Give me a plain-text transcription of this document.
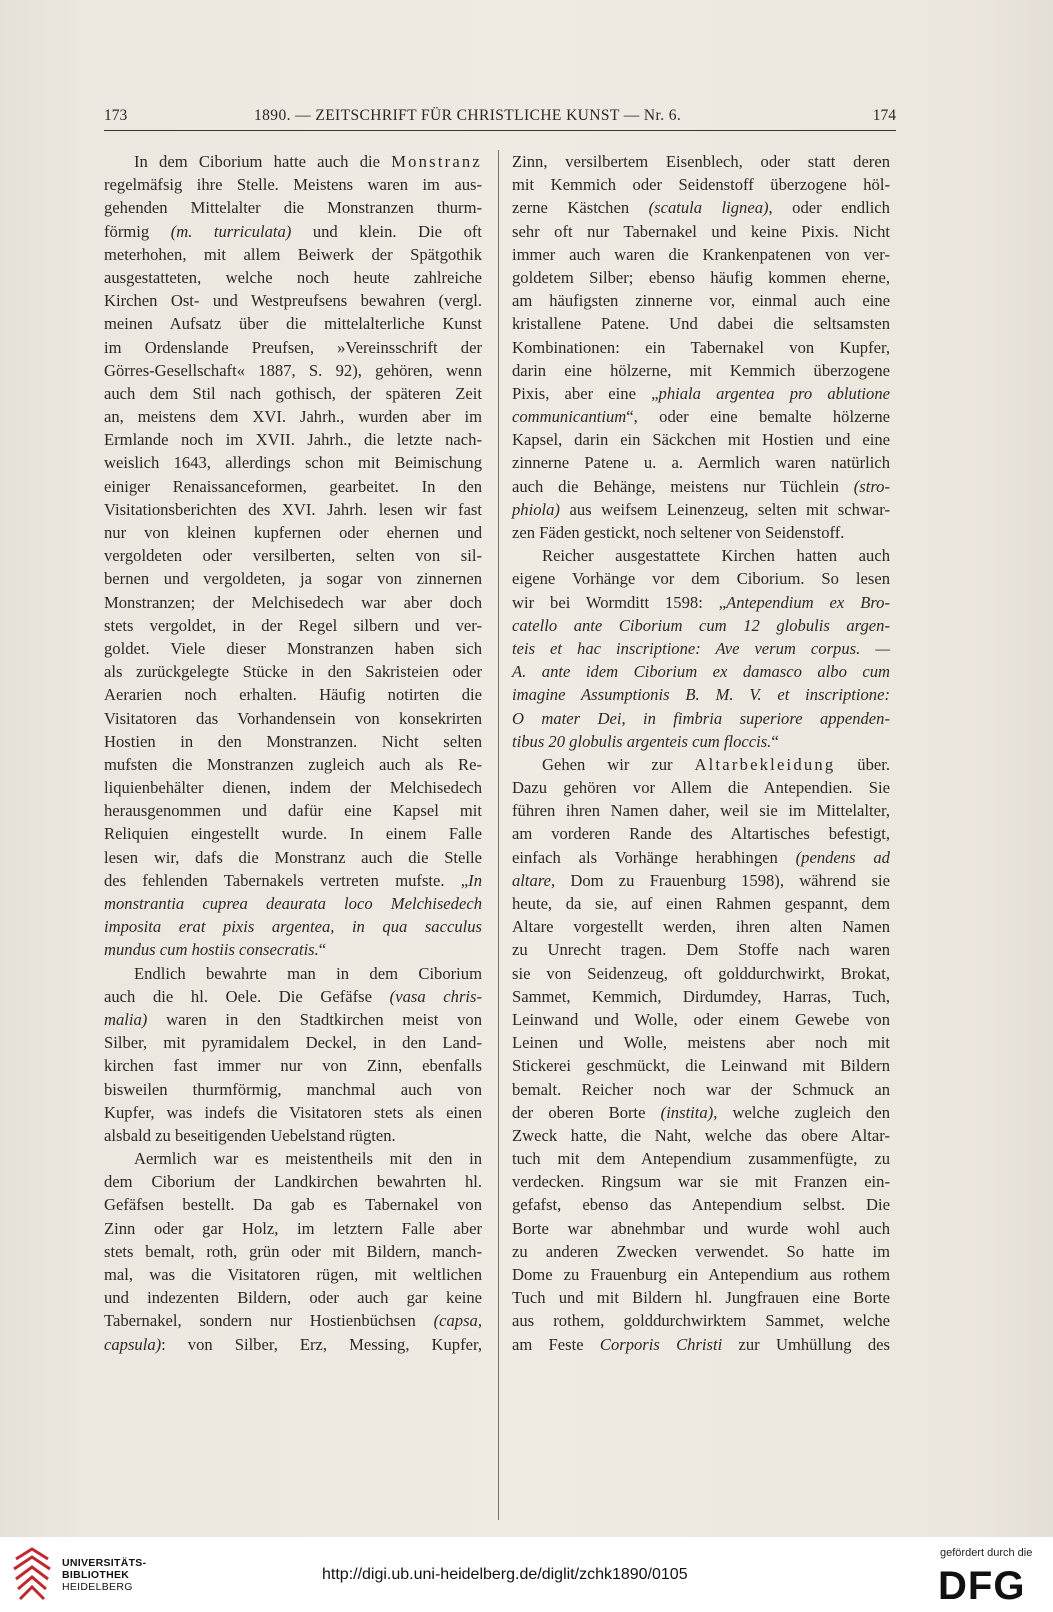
173	1890. — ZEITSCHRIFT FÜR CHRISTLICHE KUNST — Nr. 6.	174
In dem Ciborium hatte auch die Monstranz
regelmäfsig ihre Stelle. Meistens waren im aus-
gehenden Mittelalter die Monstranzen thurm-
förmig (m. turriculata) und klein. Die oft
meterhohen, mit allem Beiwerk der Spätgothik
ausgestatteten, welche noch heute zahlreiche
Kirchen Ost- und Westpreufsens bewahren (vergl.
meinen Aufsatz über die mittelalterliche Kunst
im Ordenslande Preufsen, »Vereinsschrift der
Görres-Gesellschaft« 1887, S. 92), gehören, wenn
auch dem Stil nach gothisch, der späteren Zeit
an, meistens dem XVI. Jahrh., wurden aber im
Ermlande noch im XVII. Jahrh., die letzte nach-
weislich 1643, allerdings schon mit Beimischung
einiger Renaissanceformen, gearbeitet. In den
Visitationsberichten des XVI. Jahrh. lesen wir fast
nur von kleinen kupfernen oder ehernen und
vergoldeten oder versilberten, selten von sil-
bernen und vergoldeten, ja sogar von zinnernen
Monstranzen; der Melchisedech war aber doch
stets vergoldet, in der Regel silbern und ver-
goldet. Viele dieser Monstranzen haben sich
als zurückgelegte Stücke in den Sakristeien oder
Aerarien noch erhalten. Häufig notirten die
Visitatoren das Vorhandensein von konsekrirten
Hostien in den Monstranzen. Nicht selten
mufsten die Monstranzen zugleich auch als Re-
liquienbehälter dienen, indem der Melchisedech
herausgenommen und dafür eine Kapsel mit
Reliquien eingestellt wurde. In einem Falle
lesen wir, dafs die Monstranz auch die Stelle
des fehlenden Tabernakels vertreten mufste. „In
monstrantia cuprea deaurata loco Melchisedech
imposita erat pixis argentea, in qua sacculus
mundus cum hostiis consecratis.“
Endlich bewahrte man in dem Ciborium
auch die hl. Oele. Die Gefäfse (vasa chris-
malia) waren in den Stadtkirchen meist von
Silber, mit pyramidalem Deckel, in den Land-
kirchen fast immer nur von Zinn, ebenfalls
bisweilen thurmförmig, manchmal auch von
Kupfer, was indefs die Visitatoren stets als einen
alsbald zu beseitigenden Uebelstand rügten.
Aermlich war es meistentheils mit den in
dem Ciborium der Landkirchen bewahrten hl.
Gefäfsen bestellt. Da gab es Tabernakel von
Zinn oder gar Holz, im letztern Falle aber
stets bemalt, roth, grün oder mit Bildern, manch-
mal, was die Visitatoren rügen, mit weltlichen
und indezenten Bildern, oder auch gar keine
Tabernakel, sondern nur Hostienbüchsen (capsa,
capsula): von Silber, Erz, Messing, Kupfer,
Zinn, versilbertem Eisenblech, oder statt deren
mit Kemmich oder Seidenstoff überzogene höl-
zerne Kästchen (scatula lignea), oder endlich
sehr oft nur Tabernakel und keine Pixis. Nicht
immer auch waren die Krankenpatenen von ver-
goldetem Silber; ebenso häufig kommen eherne,
am häufigsten zinnerne vor, einmal auch eine
kristallene Patene. Und dabei die seltsamsten
Kombinationen: ein Tabernakel von Kupfer,
darin eine hölzerne, mit Kemmich überzogene
Pixis, aber eine „phiala argentea pro ablutione
communicantium“, oder eine bemalte hölzerne
Kapsel, darin ein Säckchen mit Hostien und eine
zinnerne Patene u. a. Aermlich waren natürlich
auch die Behänge, meistens nur Tüchlein (stro-
phiola) aus weifsem Leinenzeug, selten mit schwar-
zen Fäden gestickt, noch seltener von Seidenstoff.
Reicher ausgestattete Kirchen hatten auch
eigene Vorhänge vor dem Ciborium. So lesen
wir bei Wormditt 1598: „Antependium ex Bro-
catello ante Ciborium cum 12 globulis argen-
teis et hac inscriptione: Ave verum corpus. —
A. ante idem Ciborium ex damasco albo cum
imagine Assumptionis B. M. V. et inscriptione:
O mater Dei, in fimbria superiore appenden-
tibus 20 globulis argenteis cum floccis.“
Gehen wir zur Altarbekleidung über.
Dazu gehören vor Allem die Antependien. Sie
führen ihren Namen daher, weil sie im Mittelalter,
am vorderen Rande des Altartisches befestigt,
einfach als Vorhänge herabhingen (pendens ad
altare, Dom zu Frauenburg 1598), während sie
heute, da sie, auf einen Rahmen gespannt, dem
Altare vorgestellt werden, ihren alten Namen
zu Unrecht tragen. Dem Stoffe nach waren
sie von Seidenzeug, oft golddurchwirkt, Brokat,
Sammet, Kemmich, Dirdumdey, Harras, Tuch,
Leinwand und Wolle, oder einem Gewebe von
Leinen und Wolle, meistens aber noch mit
Stickerei geschmückt, die Leinwand mit Bildern
bemalt. Reicher noch war der Schmuck an
der oberen Borte (instita), welche zugleich den
Zweck hatte, die Naht, welche das obere Altar-
tuch mit dem Antependium zusammenfügte, zu
verdecken. Ringsum war sie mit Franzen ein-
gefafst, ebenso das Antependium selbst. Die
Borte war abnehmbar und wurde wohl auch
zu anderen Zwecken verwendet. So hatte im
Dome zu Frauenburg ein Antependium aus rothem
Tuch und mit Bildern hl. Jungfrauen eine Borte
aus rothem, golddurchwirktem Sammet, welche
am Feste Corporis Christi zur Umhüllung des
UNIVERSITÄTS-
BIBLIOTHEK
HEIDELBERG
http://digi.ub.uni-heidelberg.de/diglit/zchk1890/0105
gefördert durch die
DFG
